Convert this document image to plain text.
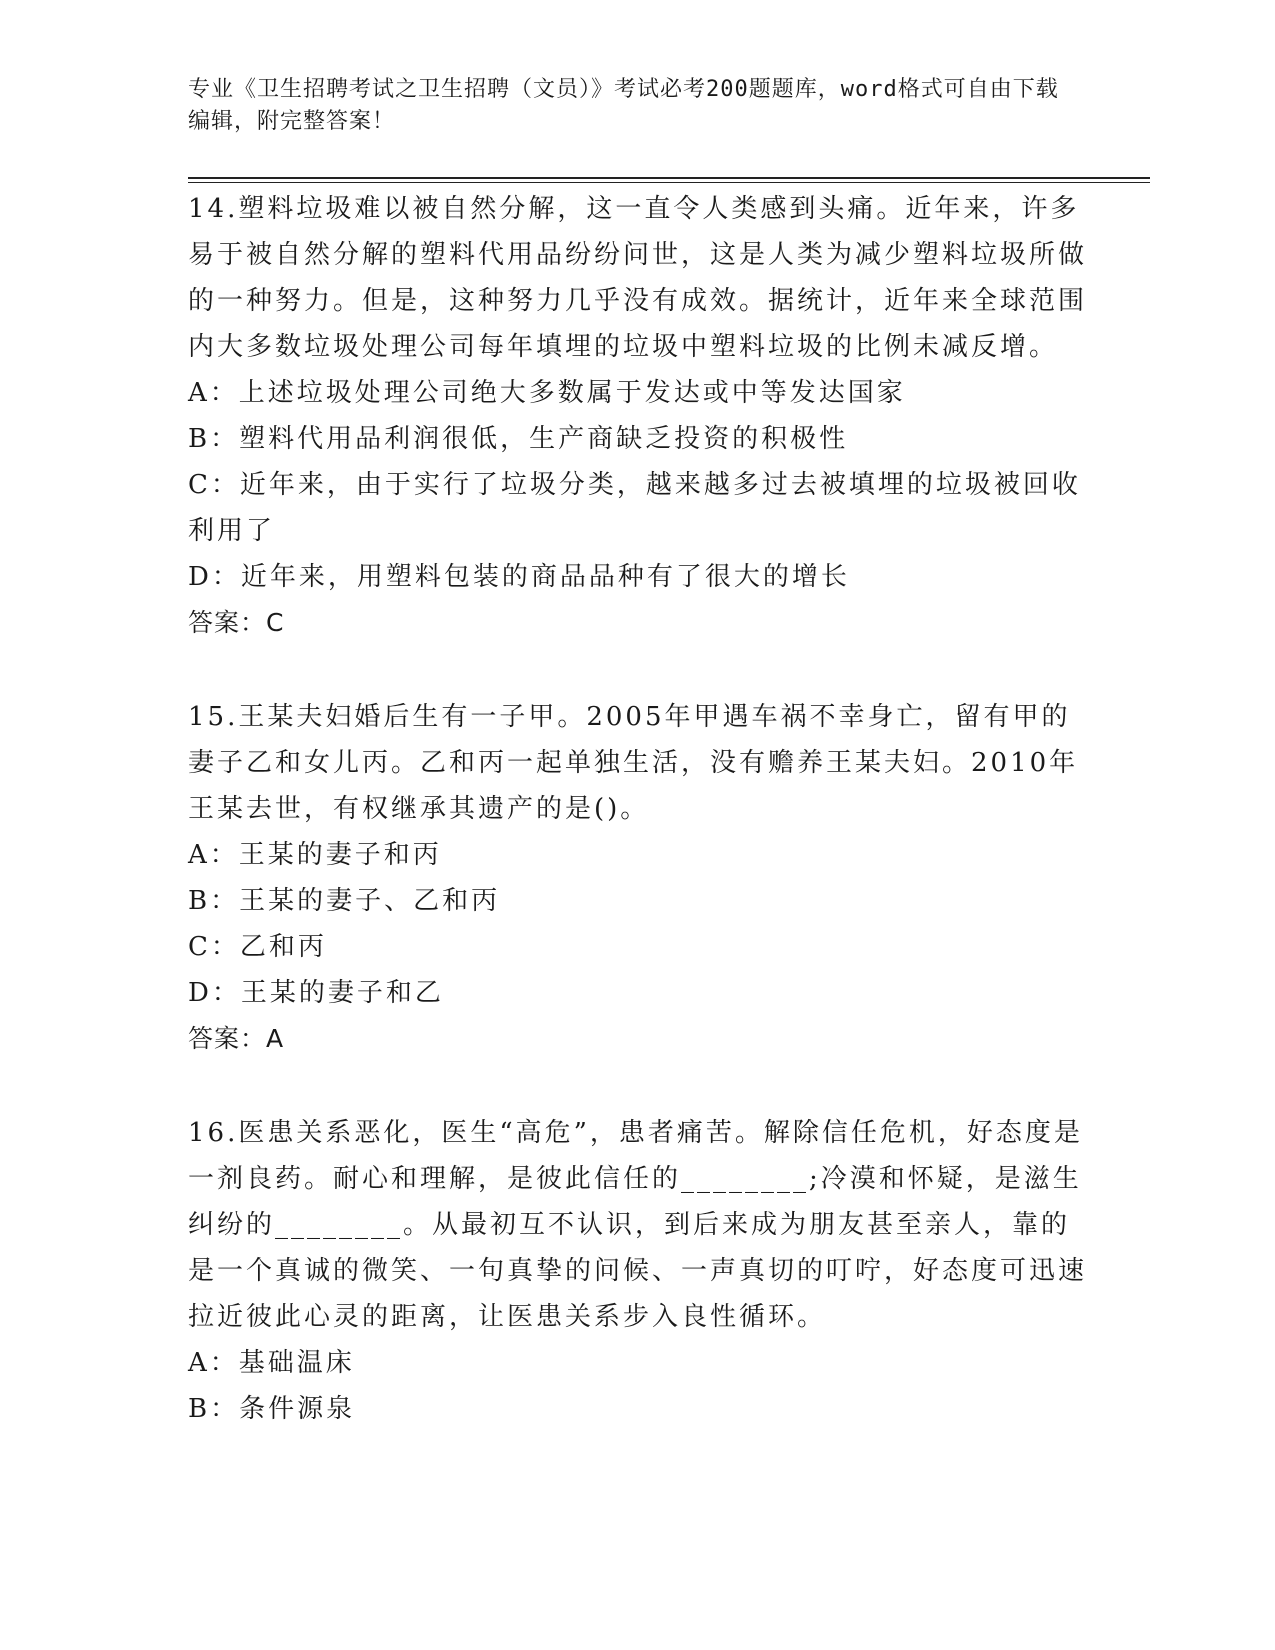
专业《卫生招聘考试之卫生招聘（文员）》考试必考200题题库，word格式可自由下载编辑，附完整答案！

14.塑料垃圾难以被自然分解，这一直令人类感到头痛。近年来，许多易于被自然分解的塑料代用品纷纷问世，这是人类为减少塑料垃圾所做的一种努力。但是，这种努力几乎没有成效。据统计，近年来全球范围内大多数垃圾处理公司每年填埋的垃圾中塑料垃圾的比例未减反增。

A：上述垃圾处理公司绝大多数属于发达或中等发达国家

B：塑料代用品利润很低，生产商缺乏投资的积极性

C：近年来，由于实行了垃圾分类，越来越多过去被填埋的垃圾被回收利用了

D：近年来，用塑料包装的商品品种有了很大的增长

答案：C

15.王某夫妇婚后生有一子甲。2005年甲遇车祸不幸身亡，留有甲的妻子乙和女儿丙。乙和丙一起单独生活，没有赡养王某夫妇。2010年王某去世，有权继承其遗产的是()。

A：王某的妻子和丙

B：王某的妻子、乙和丙

C：乙和丙

D：王某的妻子和乙

答案：A

16.医患关系恶化，医生“高危”，患者痛苦。解除信任危机，好态度是一剂良药。耐心和理解，是彼此信任的________;冷漠和怀疑，是滋生纠纷的________。从最初互不认识，到后来成为朋友甚至亲人，靠的是一个真诚的微笑、一句真挚的问候、一声真切的叮咛，好态度可迅速拉近彼此心灵的距离，让医患关系步入良性循环。

A：基础温床

B：条件源泉
